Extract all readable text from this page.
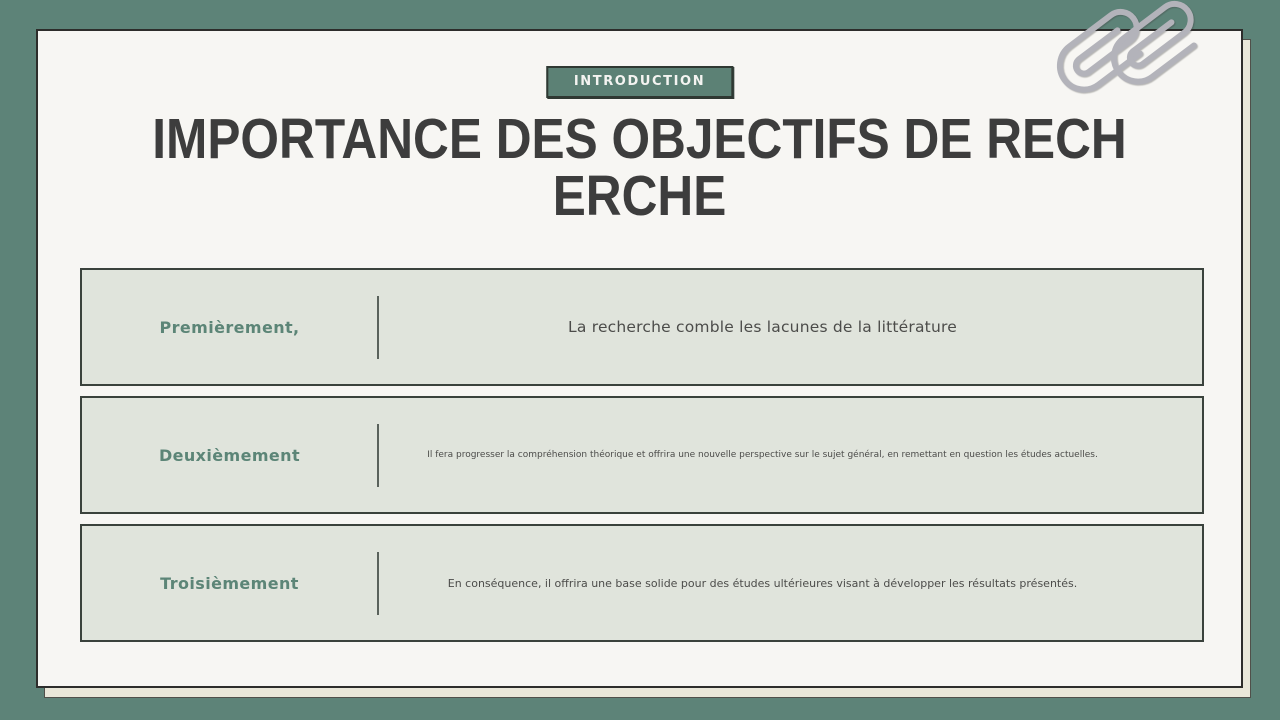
INTRODUCTION
IMPORTANCE DES OBJECTIFS DE RECH
ERCHE
Premièrement,	La recherche comble les lacunes de la littérature
Deuxièmement	Il fera progresser la compréhension théorique et offrira une nouvelle perspective sur le sujet général, en remettant en question les études actuelles.
Troisièmement	En conséquence, il offrira une base solide pour des études ultérieures visant à développer les résultats présentés.
